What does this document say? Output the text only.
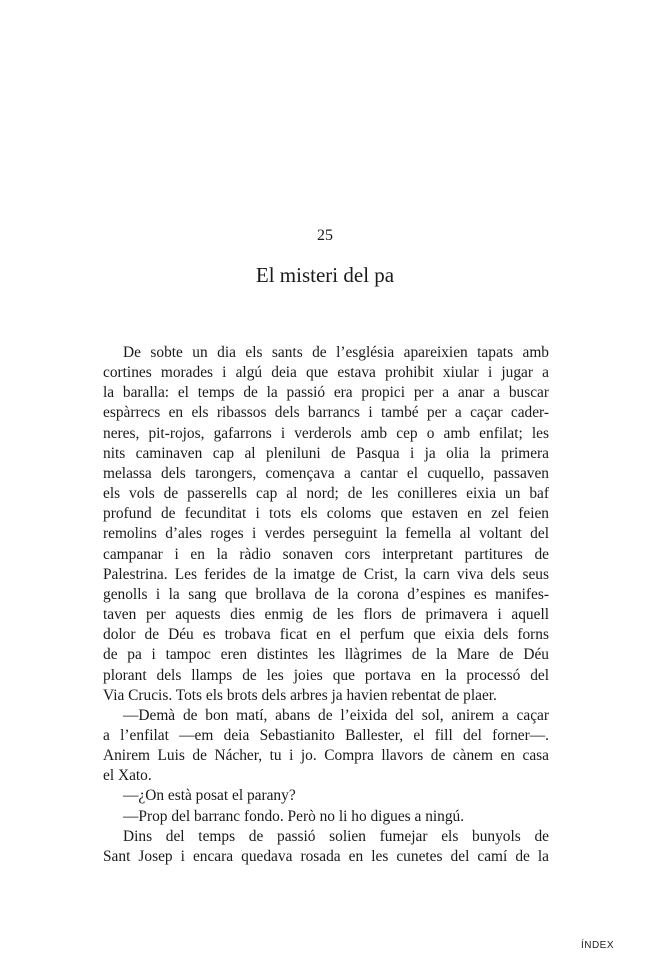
25
El misteri del pa
De sobte un dia els sants de l’església apareixien tapats amb
cortines morades i algú deia que estava prohibit xiular i jugar a
la baralla: el temps de la passió era propici per a anar a buscar
espàrrecs en els ribassos dels barrancs i també per a caçar cader-
neres, pit-rojos, gafarrons i verderols amb cep o amb enfilat; les
nits caminaven cap al pleniluni de Pasqua i ja olia la primera
melassa dels tarongers, començava a cantar el cuquello, passaven
els vols de passerells cap al nord; de les conilleres eixia un baf
profund de fecunditat i tots els coloms que estaven en zel feien
remolins d’ales roges i verdes perseguint la femella al voltant del
campanar i en la ràdio sonaven cors interpretant partitures de
Palestrina. Les ferides de la imatge de Crist, la carn viva dels seus
genolls i la sang que brollava de la corona d’espines es manifes-
taven per aquests dies enmig de les flors de primavera i aquell
dolor de Déu es trobava ficat en el perfum que eixia dels forns
de pa i tampoc eren distintes les llàgrimes de la Mare de Déu
plorant dels llamps de les joies que portava en la processó del
Via Crucis. Tots els brots dels arbres ja havien rebentat de plaer.
—Demà de bon matí, abans de l’eixida del sol, anirem a caçar
a l’enfilat —em deia Sebastianito Ballester, el fill del forner—.
Anirem Luis de Nácher, tu i jo. Compra llavors de cànem en casa
el Xato.
—¿On està posat el parany?
—Prop del barranc fondo. Però no li ho digues a ningú.
Dins del temps de passió solien fumejar els bunyols de
Sant Josep i encara quedava rosada en les cunetes del camí de la
ÍNDEX
